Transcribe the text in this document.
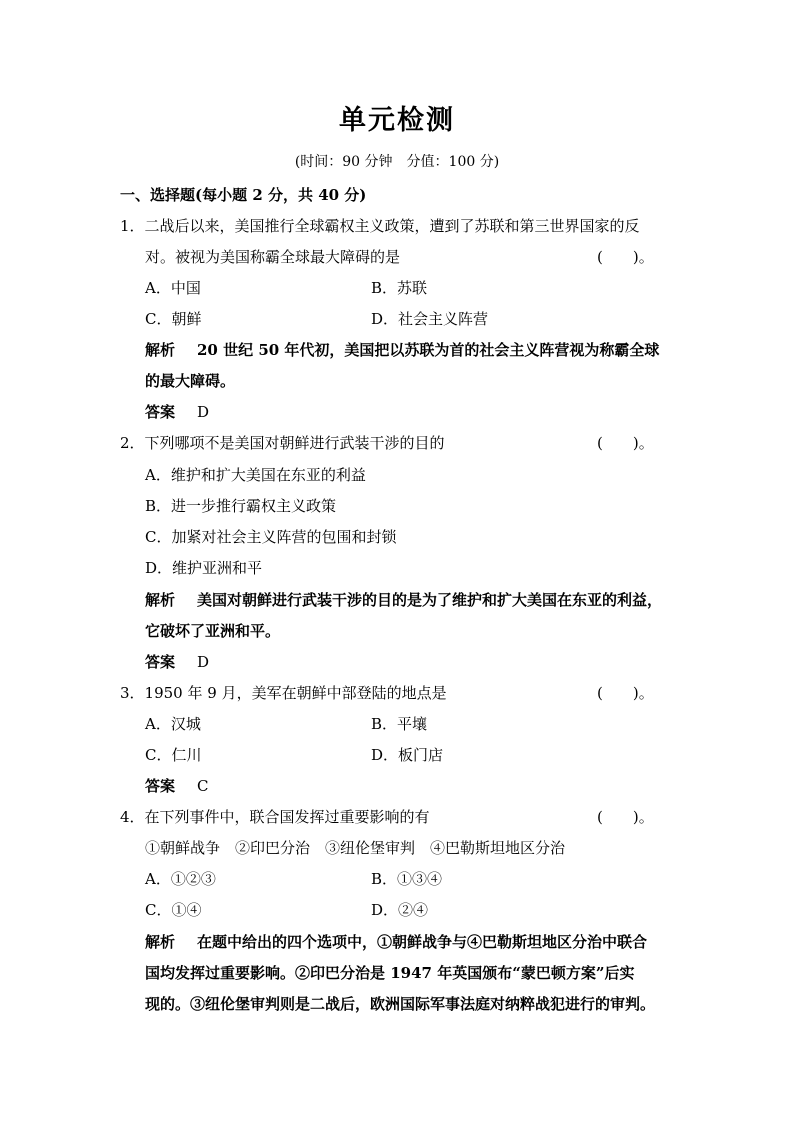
单元检测
(时间：90 分钟　分值：100 分)
一、选择题(每小题 2 分，共 40 分)
1．二战后以来，美国推行全球霸权主义政策，遭到了苏联和第三世界国家的反
对。被视为美国称霸全球最大障碍的是	(　　)。
A．中国	B．苏联
C．朝鲜	D．社会主义阵营
解析 20 世纪 50 年代初，美国把以苏联为首的社会主义阵营视为称霸全球
的最大障碍。
答案 D
2．下列哪项不是美国对朝鲜进行武装干涉的目的	(　　)。
A．维护和扩大美国在东亚的利益
B．进一步推行霸权主义政策
C．加紧对社会主义阵营的包围和封锁
D．维护亚洲和平
解析 美国对朝鲜进行武装干涉的目的是为了维护和扩大美国在东亚的利益，
它破坏了亚洲和平。
答案 D
3．1950 年 9 月，美军在朝鲜中部登陆的地点是	(　　)。
A．汉城	B．平壤
C．仁川	D．板门店
答案 C
4．在下列事件中，联合国发挥过重要影响的有	(　　)。
①朝鲜战争　②印巴分治　③纽伦堡审判　④巴勒斯坦地区分治
A．①②③	B．①③④
C．①④	D．②④
解析 在题中给出的四个选项中，①朝鲜战争与④巴勒斯坦地区分治中联合
国均发挥过重要影响。②印巴分治是 1947 年英国颁布“蒙巴顿方案”后实
现的。③纽伦堡审判则是二战后，欧洲国际军事法庭对纳粹战犯进行的审判。
